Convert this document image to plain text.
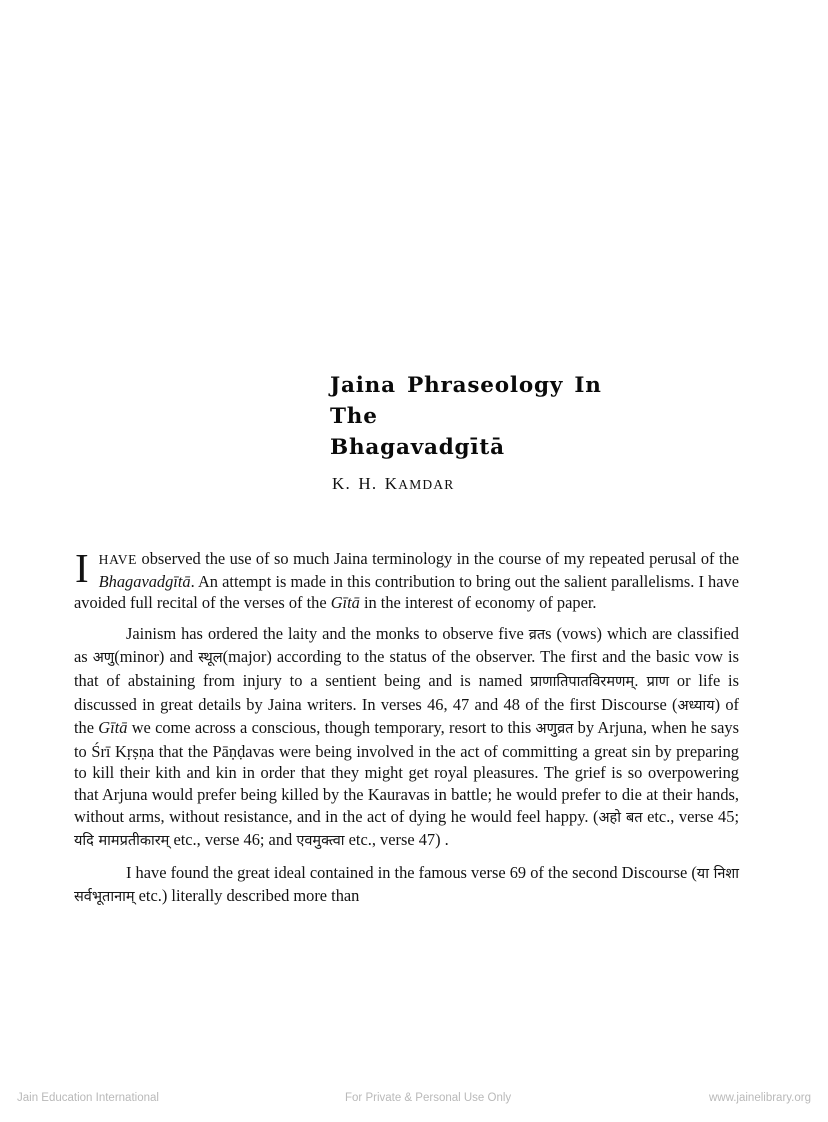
Jaina Phraseology In The
Bhagavadgītā
K. H. KAMDAR

IHAVE observed the use of so much Jaina terminology in the course of my repeated perusal of the Bhagavadgītā. An attempt is made in this contribution to bring out the salient parallelisms. I have avoided full recital of the verses of the Gītā in the interest of economy of paper.

Jainism has ordered the laity and the monks to observe five व्रतs (vows) which are classified as अणु(minor) and स्थूल(major) according to the status of the observer. The first and the basic vow is that of abstaining from injury to a sentient being and is named प्राणातिपातविरमणम्. प्राण or life is discussed in great details by Jaina writers. In verses 46, 47 and 48 of the first Discourse (अध्याय) of the Gītā we come across a conscious, though temporary, resort to this अणुव्रत by Arjuna, when he says to Śrī Kṛṣṇa that the Pāṇḍavas were being involved in the act of committing a great sin by preparing to kill their kith and kin in order that they might get royal pleasures. The grief is so overpowering that Arjuna would prefer being killed by the Kauravas in battle; he would prefer to die at their hands, without arms, without resistance, and in the act of dying he would feel happy. (अहो बत etc., verse 45; यदि मामप्रतीकारम् etc., verse 46; and एवमुक्त्वा etc., verse 47) .

I have found the great ideal contained in the famous verse 69 of the second Discourse (या निशा सर्वभूतानाम् etc.) literally described more than

Jain Education International	For Private & Personal Use Only	www.jainelibrary.org
